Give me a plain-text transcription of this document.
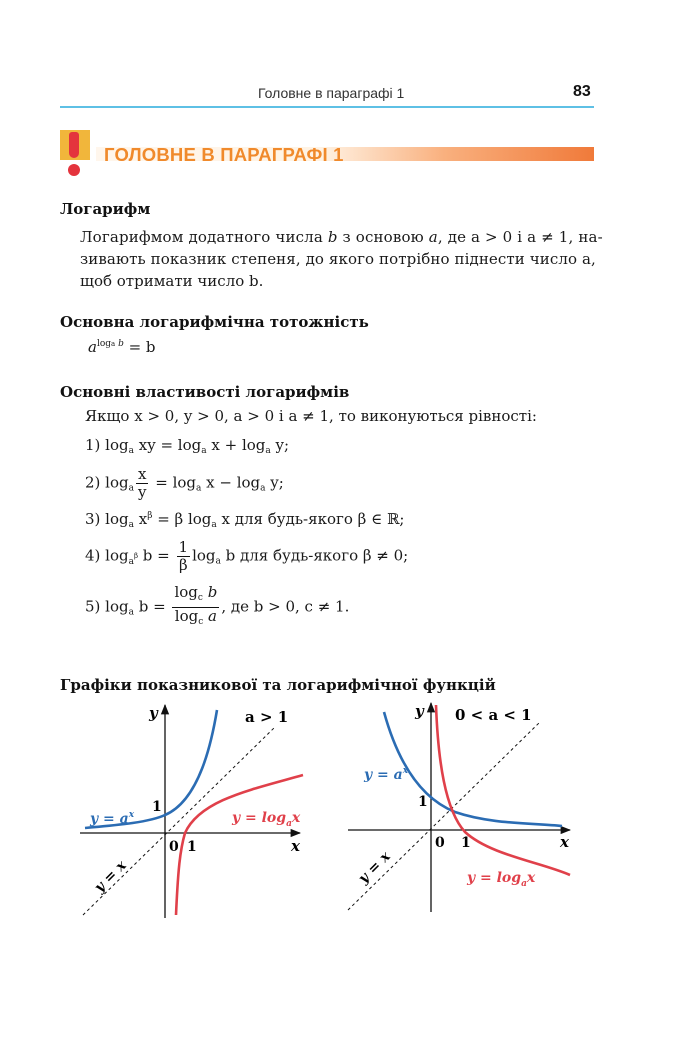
Головне в параграфі 1	83
ГОЛОВНЕ В ПАРАГРАФІ 1
Логарифм
Логарифмом додатного числа b з основою a, де a > 0 і a ≠ 1, на-
зивають показник степеня, до якого потрібно піднести число a,
щоб отримати число b.
Основна логарифмічна тотожність
$a^{loga b} = b$
Основні властивості логарифмів
Якщо x > 0, y > 0, a > 0 і a ≠ 1, то виконуються рівності:
1) $\log_a$ xy = $\log_a x + \log_a y$;
2) $\log_a \frac{x}{y} = \log_a x - \log_a y$;
3) $\log_a x^\beta = \beta$ $\log_a x$ для будь-якого β ∈ ℝ;
4) $\log_{a^\beta} b = \frac{1}{\beta} \log_a b$ для будь-якого β ≠ 0;
5) $\log_a b = \frac{\log_c b}{\log_c a}$ , де b > 0, c ≠ 1.
Графіки показникової та логарифмічної функцій
y
x
a > 1
0 1
1
$y = a^x$	$y = \log_ax$
y = x
y
x
0 < a < 1
0 1
1
$y = a^x$
$y = \log_ax$
y = x
